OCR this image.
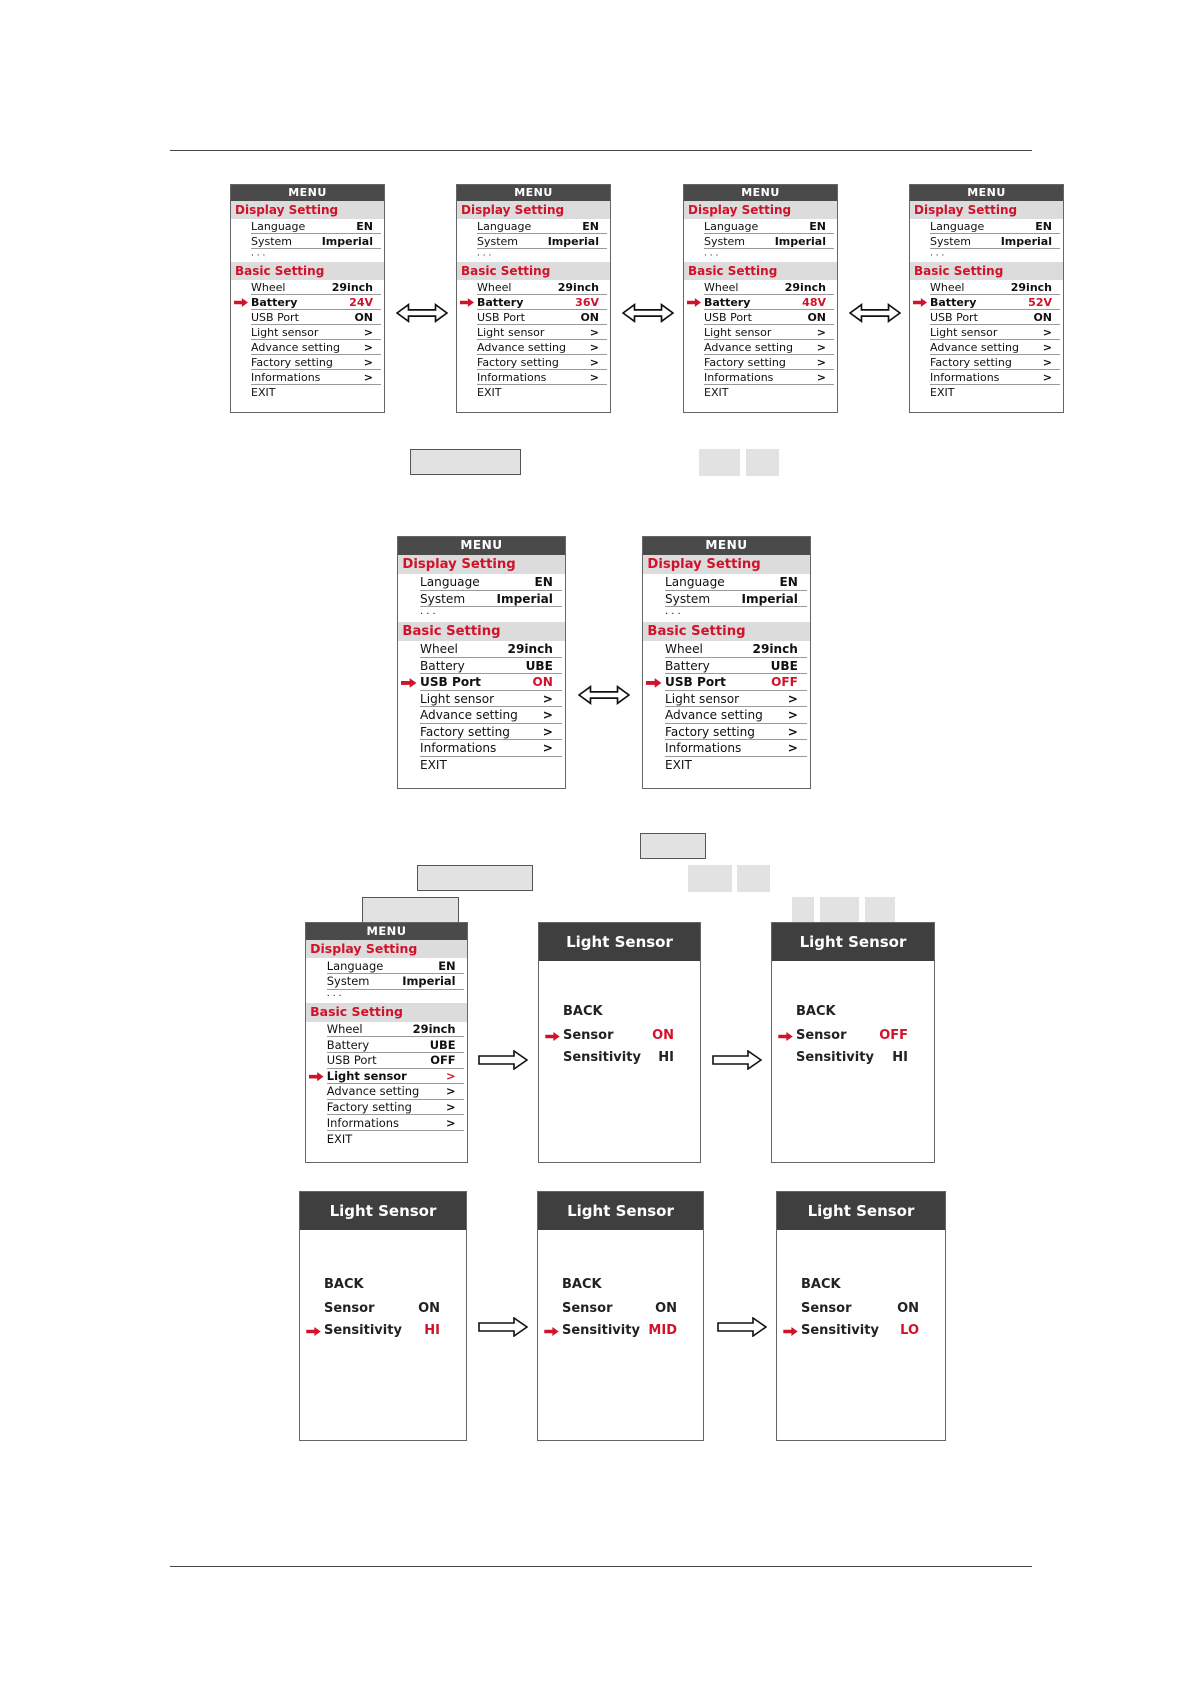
MENU
Display Setting
Language	EN
System	Imperial
· · ·
Basic Setting
Wheel	29inch
Battery	24V
USB Port	ON
Light sensor	>
Advance setting >
Factory setting	>
Informations	>
EXIT
MENU
Display Setting
Language	EN
System	Imperial
· · ·
Basic Setting
Wheel	29inch
Battery	36V
USB Port	ON
Light sensor	>
Advance setting >
Factory setting	>
Informations	>
EXIT
MENU
Display Setting
Language	EN
System	Imperial
· · ·
Basic Setting
Wheel	29inch
Battery	48V
USB Port	ON
Light sensor	>
Advance setting >
Factory setting	>
Informations	>
EXIT
MENU
Display Setting
Language	EN
System	Imperial
· · ·
Basic Setting
Wheel	29inch
Battery	52V
USB Port	ON
Light sensor	>
Advance setting >
Factory setting	>
Informations	>
EXIT
MENU
Display Setting
Language	EN
System	Imperial
· · ·
Basic Setting
Wheel	29inch
Battery	UBE
USB Port	ON
Light sensor	>
Advance setting >
Factory setting	>
Informations	>
EXIT
MENU
Display Setting
Language	EN
System	Imperial
· · ·
Basic Setting
Wheel	29inch
Battery	UBE
USB Port	OFF
Light sensor	>
Advance setting >
Factory setting	>
Informations	>
EXIT
MENU
Display Setting
Language	EN
System	Imperial
· · ·
Basic Setting
Wheel	29inch
Battery	UBE
USB Port	OFF
Light sensor	>
Advance setting >
Factory setting	>
Informations	>
EXIT
Light Sensor
BACK
Sensor	ON
Sensitivity HI
Light Sensor
BACK
Sensor	OFF
Sensitivity HI
Light Sensor
BACK
Sensor	ON
Sensitivity HI
Light Sensor
BACK
Sensor	ON
Sensitivity MID
Light Sensor
BACK
Sensor	ON
Sensitivity LO
